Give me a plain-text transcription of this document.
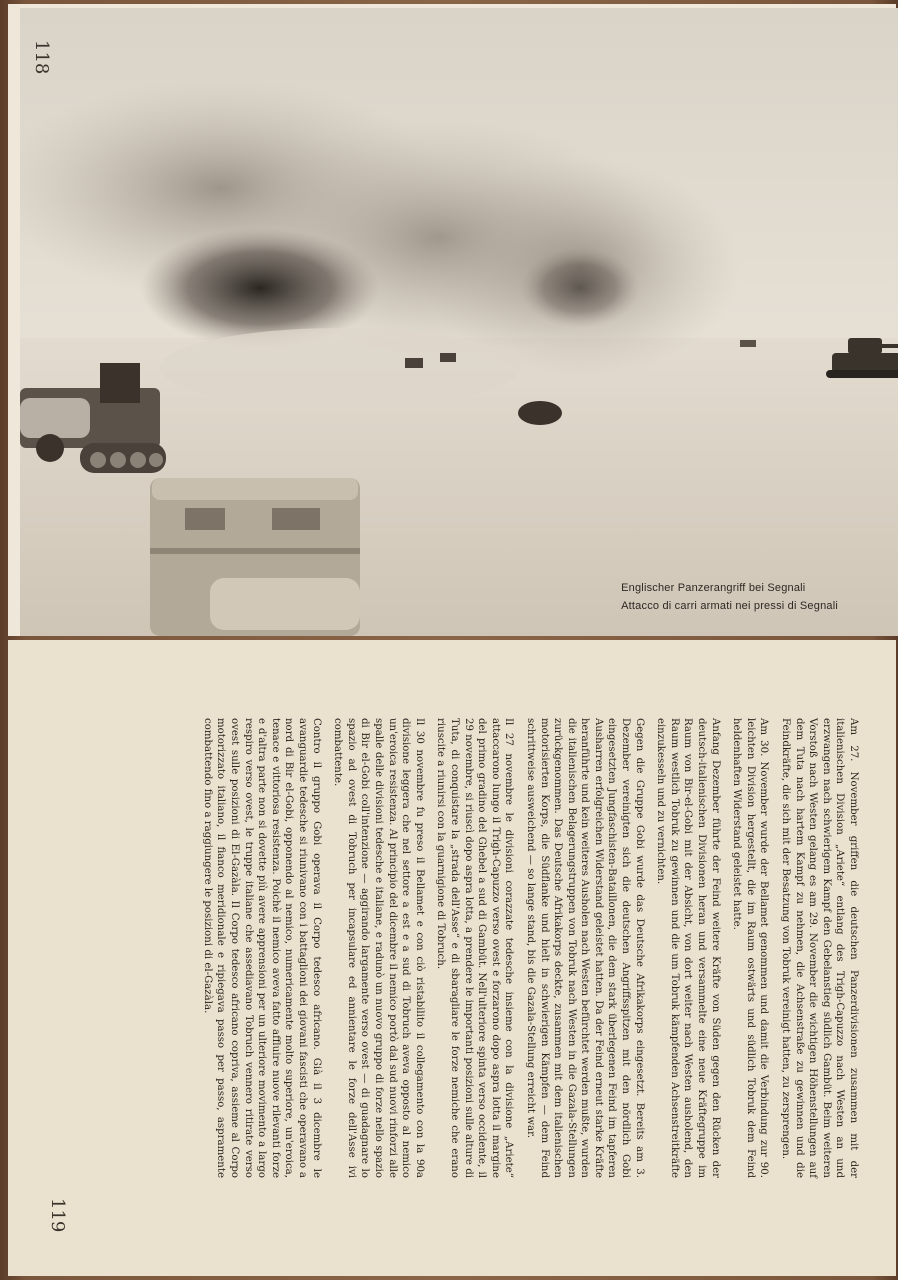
118
Englischer Panzerangriff bei Segnali
Attacco di carri armati nei pressi di Segnali

Am 27. November griffen die deutschen Panzerdivisionen zusammen mit der italienischen Division „Ariete“ entlang des Trigh-Capuzzo nach Westen an und erzwangen nach schwierigem Kampf den Gebelanstieg südlich Gambüt. Beim weiteren Vorstoß nach Westen gelang es am 29. November die wichtigen Höhenstellungen auf dem Tuta nach hartem Kampf zu nehmen, die Achsenstraße zu gewinnen und die Feindkräfte, die sich mit der Besatzung von Tobruk vereinigt hatten, zu zersprengen.

Am 30. November wurde der Bellamet genommen und damit die Verbindung zur 90. leichten Division hergestellt, die im Raum ostwärts und südlich Tobruk dem Feind heldenhaften Widerstand geleistet hatte.

Anfang Dezember führte der Feind weitere Kräfte von Süden gegen den Rücken der deutsch-italienischen Divisionen heran und versammelte eine neue Kräftegruppe im Raum von Bir-el-Gobi mit der Absicht, von dort weiter nach Westen ausholend, den Raum westlich Tobruk zu gewinnen und die um Tobruk kämpfenden Achsenstreitkräfte einzukesseln und zu vernichten.

Gegen die Gruppe Gobi wurde das Deutsche Afrikakorps eingesetzt. Bereits am 3. Dezember vereinigten sich die deutschen Angriffsspitzen mit den nördlich Gobi eingesetzten Jungfaschisten-Bataillonen, die dem stark überlegenen Feind im tapferen Ausharren erfolgreichen Widerstand geleistet hatten. Da der Feind erneut starke Kräfte heranführte und kein weiteres Ausholen nach Westen befürchtet werden mußte, wurden die italienischen Belagerungstruppen von Tobruk nach Westen in die Gazala-Stellungen zurückgenommen. Das Deutsche Afrikakorps deckte, zusammen mit dem italienischen motorisierten Korps, die Südflanke und hielt in schwierigen Kämpfen — dem Feind schrittweise ausweichend — so lange stand, bis die Gazala-Stellung erreicht war.

Il 27 novembre le divisioni corazzate tedesche insieme con la divisione „Ariete“ attaccarono lungo il Trigh-Capuzzo verso ovest e forzarono dopo aspra lotta il margine del primo gradino del Ghebel a sud di Gambüt. Nell'ulteriore spinta verso occidente, il 29 novembre, si riuscì dopo aspra lotta, a prendere le importanti posizioni sulle alture di Tuta, di conquistare la „strada dell'Asse“ e di sbaragliare le forze nemiche che erano riuscite a riunirsi con la guarnigione di Tobruch.

Il 30 novembre fu preso il Bellamet e con ciò ristabilito il collegamento con la 90a divisione leggera che nel settore a est e a sud di Tobruch aveva opposto al nemico un'eroica resistenza. Al principio del dicembre il nemico portò dal sud nuovi rinforzi alle spalle delle divisioni tedesche e italiane, e radunò un nuovo gruppo di forze nello spazio di Bir el-Gobi coll'intenzione — aggirando largamente verso ovest — di guadagnare lo spazio ad ovest di Tobruch per incapsulare ed annientare le forze dell'Asse ivi combattente.

Contro il gruppo Gobi operava il Corpo tedesco africano. Già il 3 dicembre le avanguardie tedesche si riunivano con i battaglioni dei giovani fascisti che operavano a nord di Bir el-Gobi, opponendo al nemico, numericamente molto superiore, un'eroica, tenace e vittoriosa resistenza. Poichè il nemico aveva fatto affluire nuove rilevanti forze e d'altra parte non si dovette più avere apprensioni per un ulteriore movimento a largo respiro verso ovest, le truppe italiane che assediavano Tobruch vennero ritirate verso ovest sulle posizioni di El-Gazàla. Il Corpo tedesco africano copriva, assieme al Corpo motorizzato italiano, il fianco meridionale e ripiegava passo per passo, aspramente combattendo fino a raggiungere le posizioni di el-Gazàla.

119
